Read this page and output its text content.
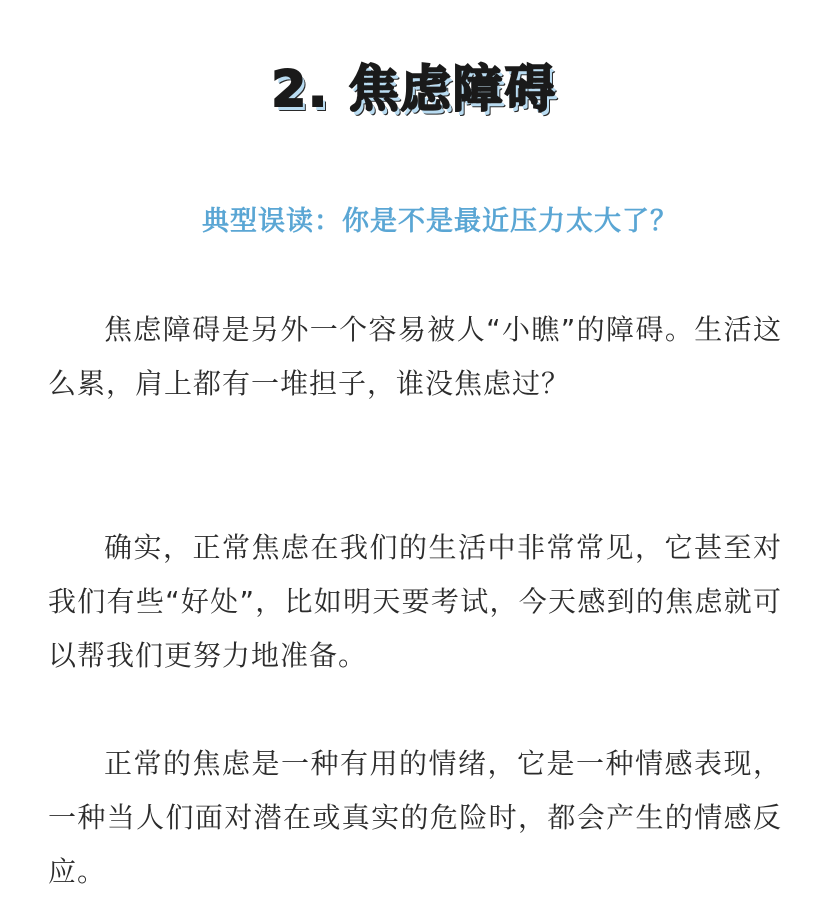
2. 焦虑障碍
典型误读：你是不是最近压力太大了？

焦虑障碍是另外一个容易被人“小瞧”的障碍。生活这么累，肩上都有一堆担子，谁没焦虑过？

确实，正常焦虑在我们的生活中非常常见，它甚至对我们有些“好处”，比如明天要考试，今天感到的焦虑就可以帮我们更努力地准备。

正常的焦虑是一种有用的情绪，它是一种情感表现，一种当人们面对潜在或真实的危险时，都会产生的情感反应。
